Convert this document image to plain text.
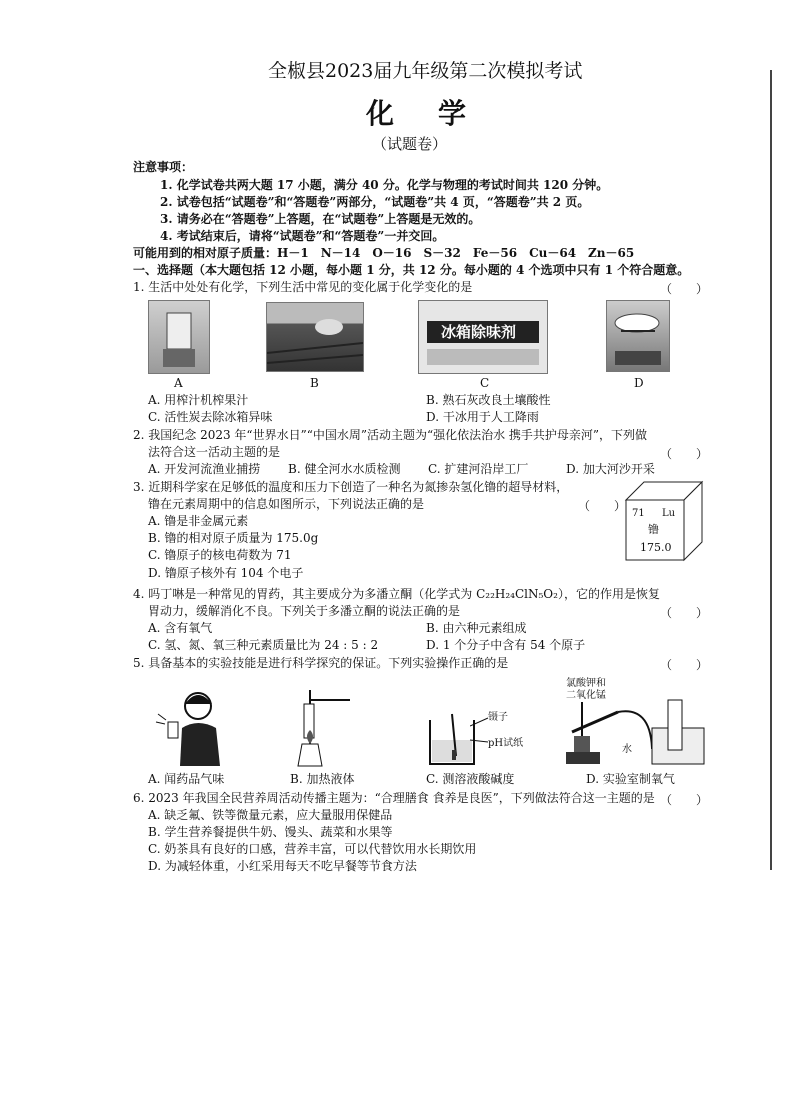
全椒县2023届九年级第二次模拟考试
化　学
（试题卷）
注意事项：
1. 化学试卷共两大题 17 小题，满分 40 分。化学与物理的考试时间共 120 分钟。
2. 试卷包括“试题卷”和“答题卷”两部分，“试题卷”共 4 页，“答题卷”共 2 页。
3. 请务必在“答题卷”上答题，在“试题卷”上答题是无效的。
4. 考试结束后，请将“试题卷”和“答题卷”一并交回。
可能用到的相对原子质量：H－1　N－14　O－16　S－32　Fe－56　Cu－64　Zn－65
一、选择题（本大题包括 12 小题，每小题 1 分，共 12 分。每小题的 4 个选项中只有 1 个符合题意。
1. 生活中处处有化学，下列生活中常见的变化属于化学变化的是	（　　）
冰箱除味剂
A	B	C	D
A. 用榨汁机榨果汁	B. 熟石灰改良土壤酸性
C. 活性炭去除冰箱异味	D. 干冰用于人工降雨
2. 我国纪念 2023 年“世界水日”“中国水周”活动主题为“强化依法治水 携手共护母亲河”，下列做
法符合这一活动主题的是	（　　）
A. 开发河流渔业捕捞 B. 健全河水水质检测 C. 扩建河沿岸工厂	D. 加大河沙开采
3. 近期科学家在足够低的温度和压力下创造了一种名为氮掺杂氢化镥的超导材料，
镥在元素周期中的信息如图所示，下列说法正确的是	（　　）
A. 镥是非金属元素
B. 镥的相对原子质量为 175.0g
C. 镥原子的核电荷数为 71
D. 镥原子核外有 104 个电子
71 Lu
镥
175.0
4. 吗丁啉是一种常见的胃药，其主要成分为多潘立酮（化学式为 C₂₂H₂₄ClN₅O₂），它的作用是恢复
胃动力，缓解消化不良。下列关于多潘立酮的说法正确的是	（　　）
A. 含有氧气	B. 由六种元素组成
C. 氢、氮、氧三种元素质量比为 24 : 5 : 2	D. 1 个分子中含有 54 个原子
5. 具备基本的实验技能是进行科学探究的保证。下列实验操作正确的是	（　　）
镊子
pH试纸
氯酸钾和
二氧化锰
水
A. 闻药品气味	B. 加热液体	C. 测溶液酸碱度	D. 实验室制氧气
6. 2023 年我国全民营养周活动传播主题为：“合理膳食 食养是良医”，下列做法符合这一主题的是 （　　）
A. 缺乏氟、铁等微量元素，应大量服用保健品
B. 学生营养餐提供牛奶、馒头、蔬菜和水果等
C. 奶茶具有良好的口感，营养丰富，可以代替饮用水长期饮用
D. 为减轻体重，小红采用每天不吃早餐等节食方法
